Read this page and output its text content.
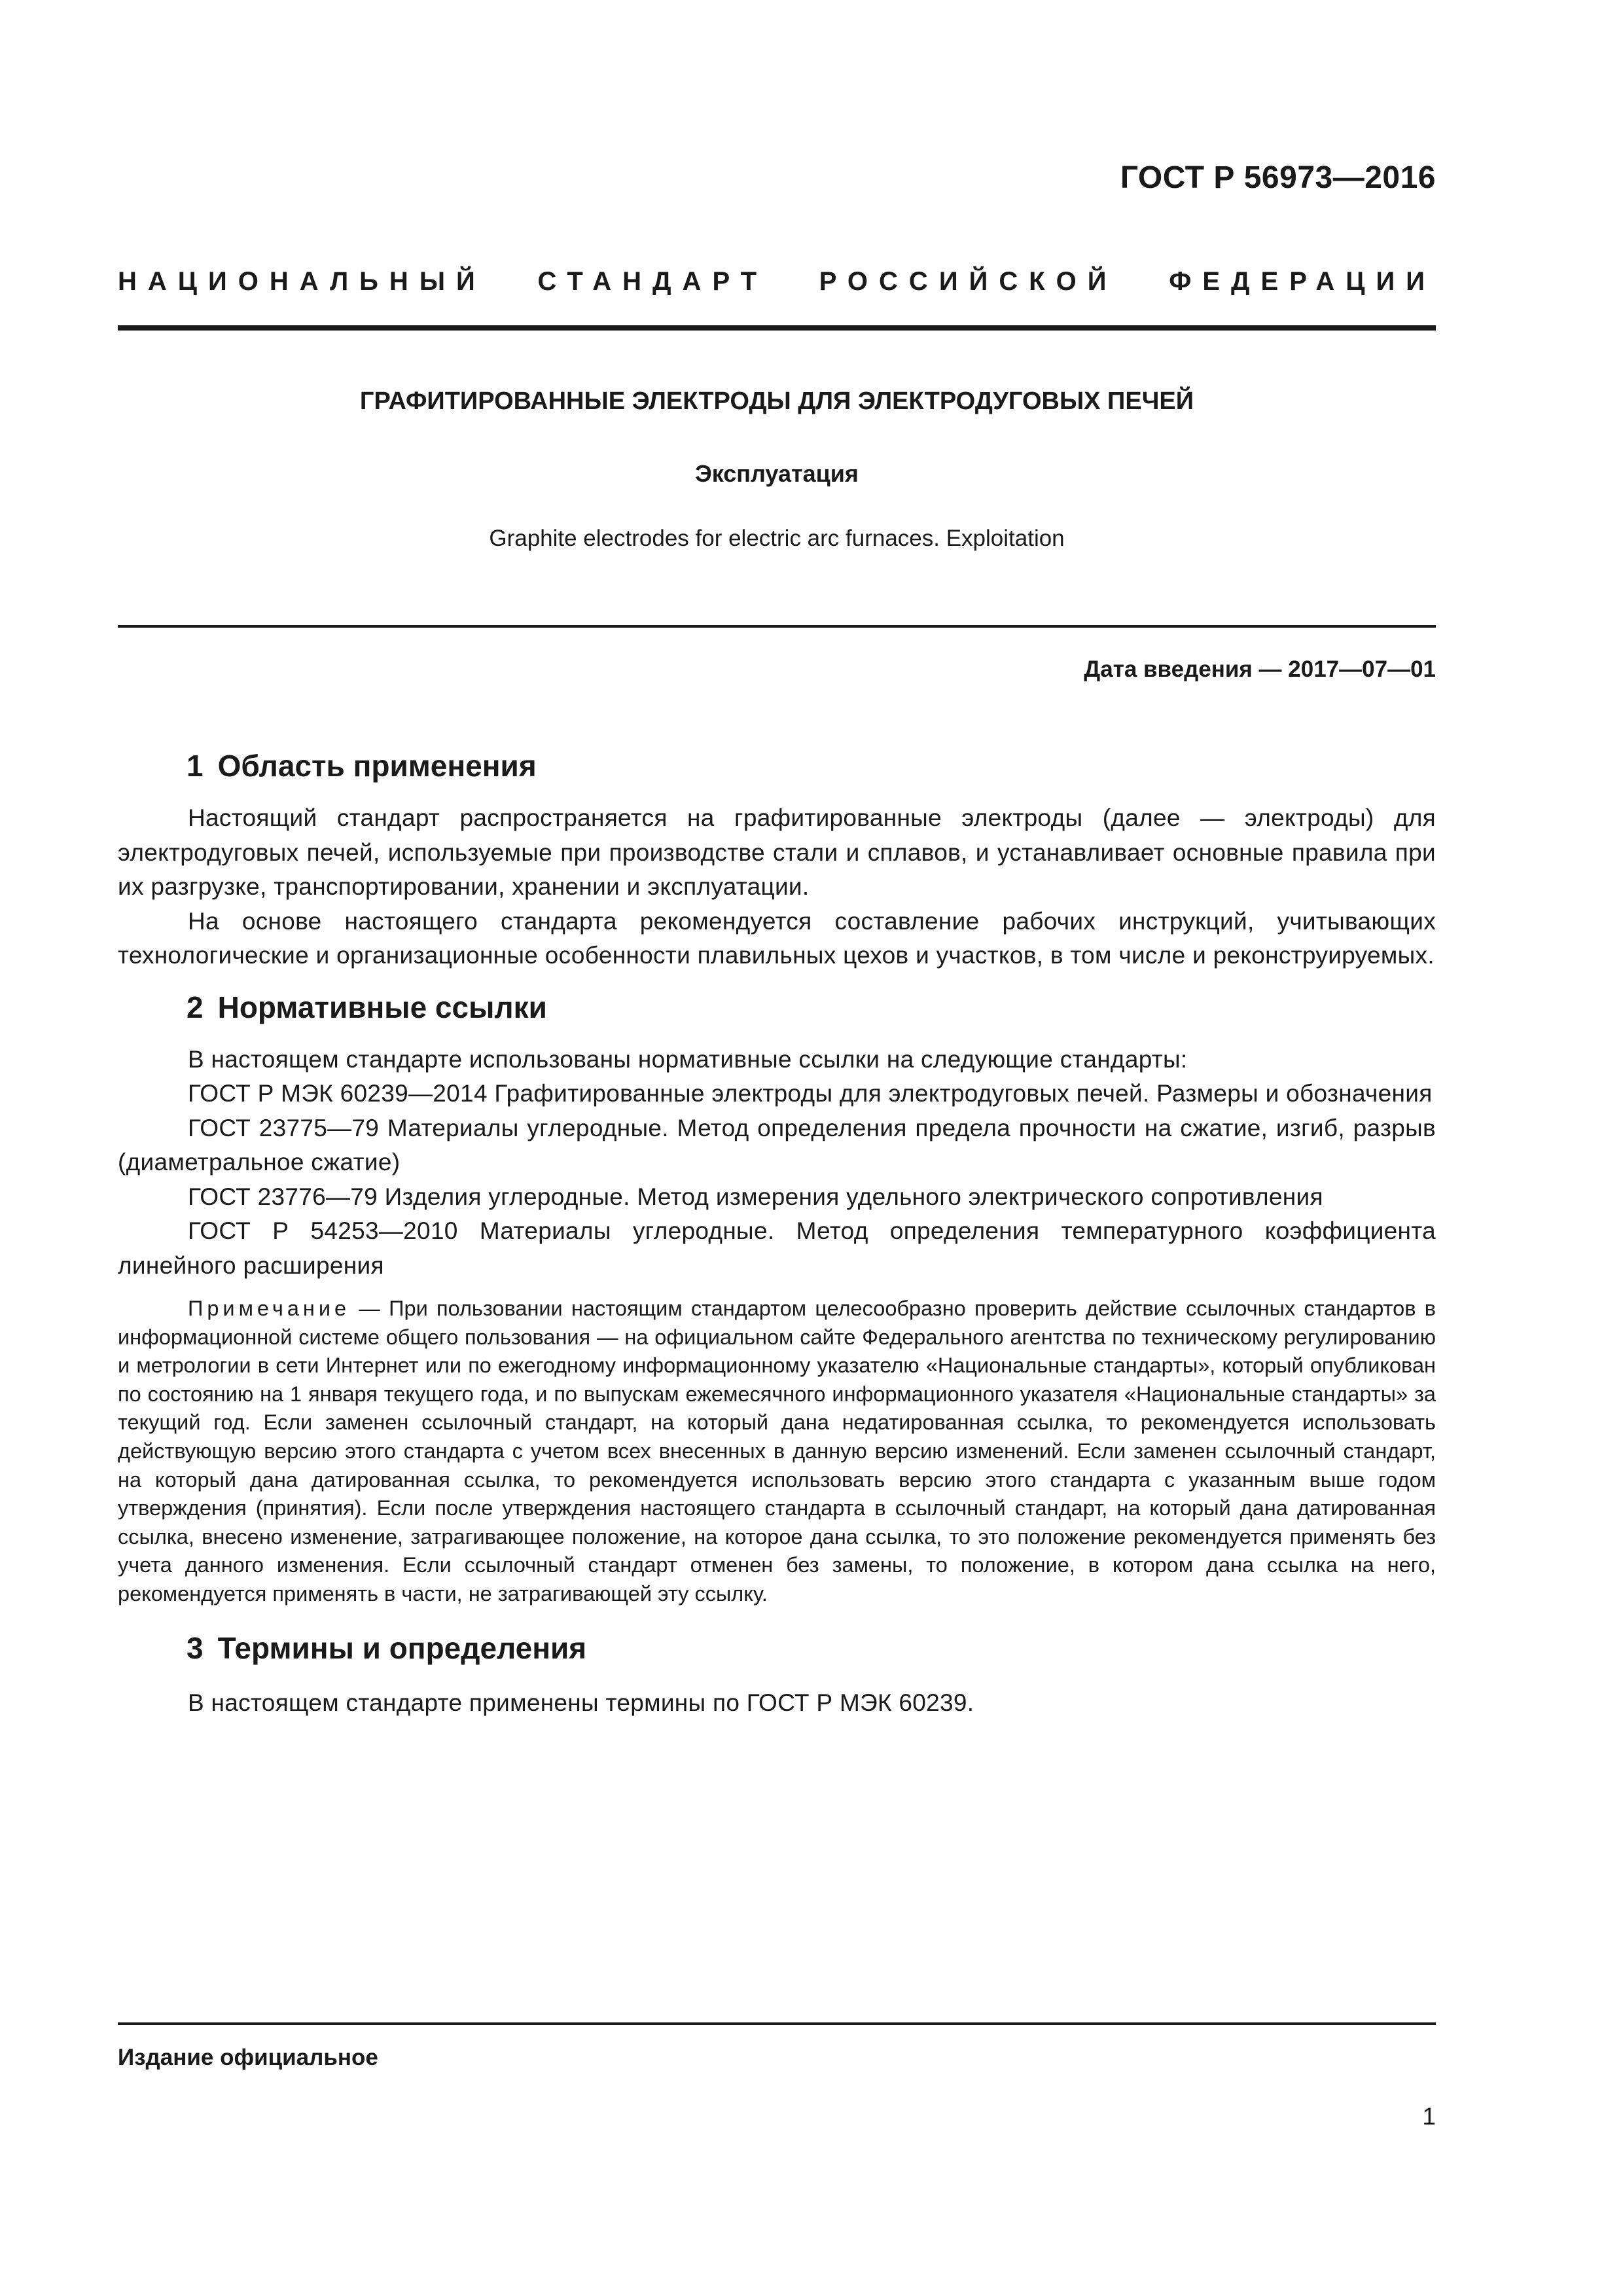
ГОСТ Р 56973—2016
НАЦИОНАЛЬНЫЙ СТАНДАРТ РОССИЙСКОЙ ФЕДЕРАЦИИ
ГРАФИТИРОВАННЫЕ ЭЛЕКТРОДЫ ДЛЯ ЭЛЕКТРОДУГОВЫХ ПЕЧЕЙ
Эксплуатация
Graphite electrodes for electric arc furnaces. Exploitation
Дата введения — 2017—07—01
1 Область применения

Настоящий стандарт распространяется на графитированные электроды (далее — электроды) для электродуговых печей, используемые при производстве стали и сплавов, и устанавливает основные правила при их разгрузке, транспортировании, хранении и эксплуатации.

На основе настоящего стандарта рекомендуется составление рабочих инструкций, учитывающих технологические и организационные особенности плавильных цехов и участков, в том числе и реконструируемых.

2 Нормативные ссылки

В настоящем стандарте использованы нормативные ссылки на следующие стандарты:

ГОСТ Р МЭК 60239—2014 Графитированные электроды для электродуговых печей. Размеры и обозначения

ГОСТ 23775—79 Материалы углеродные. Метод определения предела прочности на сжатие, изгиб, разрыв (диаметральное сжатие)

ГОСТ 23776—79 Изделия углеродные. Метод измерения удельного электрического сопротивления

ГОСТ Р 54253—2010 Материалы углеродные. Метод определения температурного коэффициента линейного расширения

Примечание — При пользовании настоящим стандартом целесообразно проверить действие ссылочных стандартов в информационной системе общего пользования — на официальном сайте Федерального агентства по техническому регулированию и метрологии в сети Интернет или по ежегодному информационному указателю «Национальные стандарты», который опубликован по состоянию на 1 января текущего года, и по выпускам ежемесячного информационного указателя «Национальные стандарты» за текущий год. Если заменен ссылочный стандарт, на который дана недатированная ссылка, то рекомендуется использовать действующую версию этого стандарта с учетом всех внесенных в данную версию изменений. Если заменен ссылочный стандарт, на который дана датированная ссылка, то рекомендуется использовать версию этого стандарта с указанным выше годом утверждения (принятия). Если после утверждения настоящего стандарта в ссылочный стандарт, на который дана датированная ссылка, внесено изменение, затрагивающее положение, на которое дана ссылка, то это положение рекомендуется применять без учета данного изменения. Если ссылочный стандарт отменен без замены, то положение, в котором дана ссылка на него, рекомендуется применять в части, не затрагивающей эту ссылку.

3 Термины и определения

В настоящем стандарте применены термины по ГОСТ Р МЭК 60239.

Издание официальное
1
